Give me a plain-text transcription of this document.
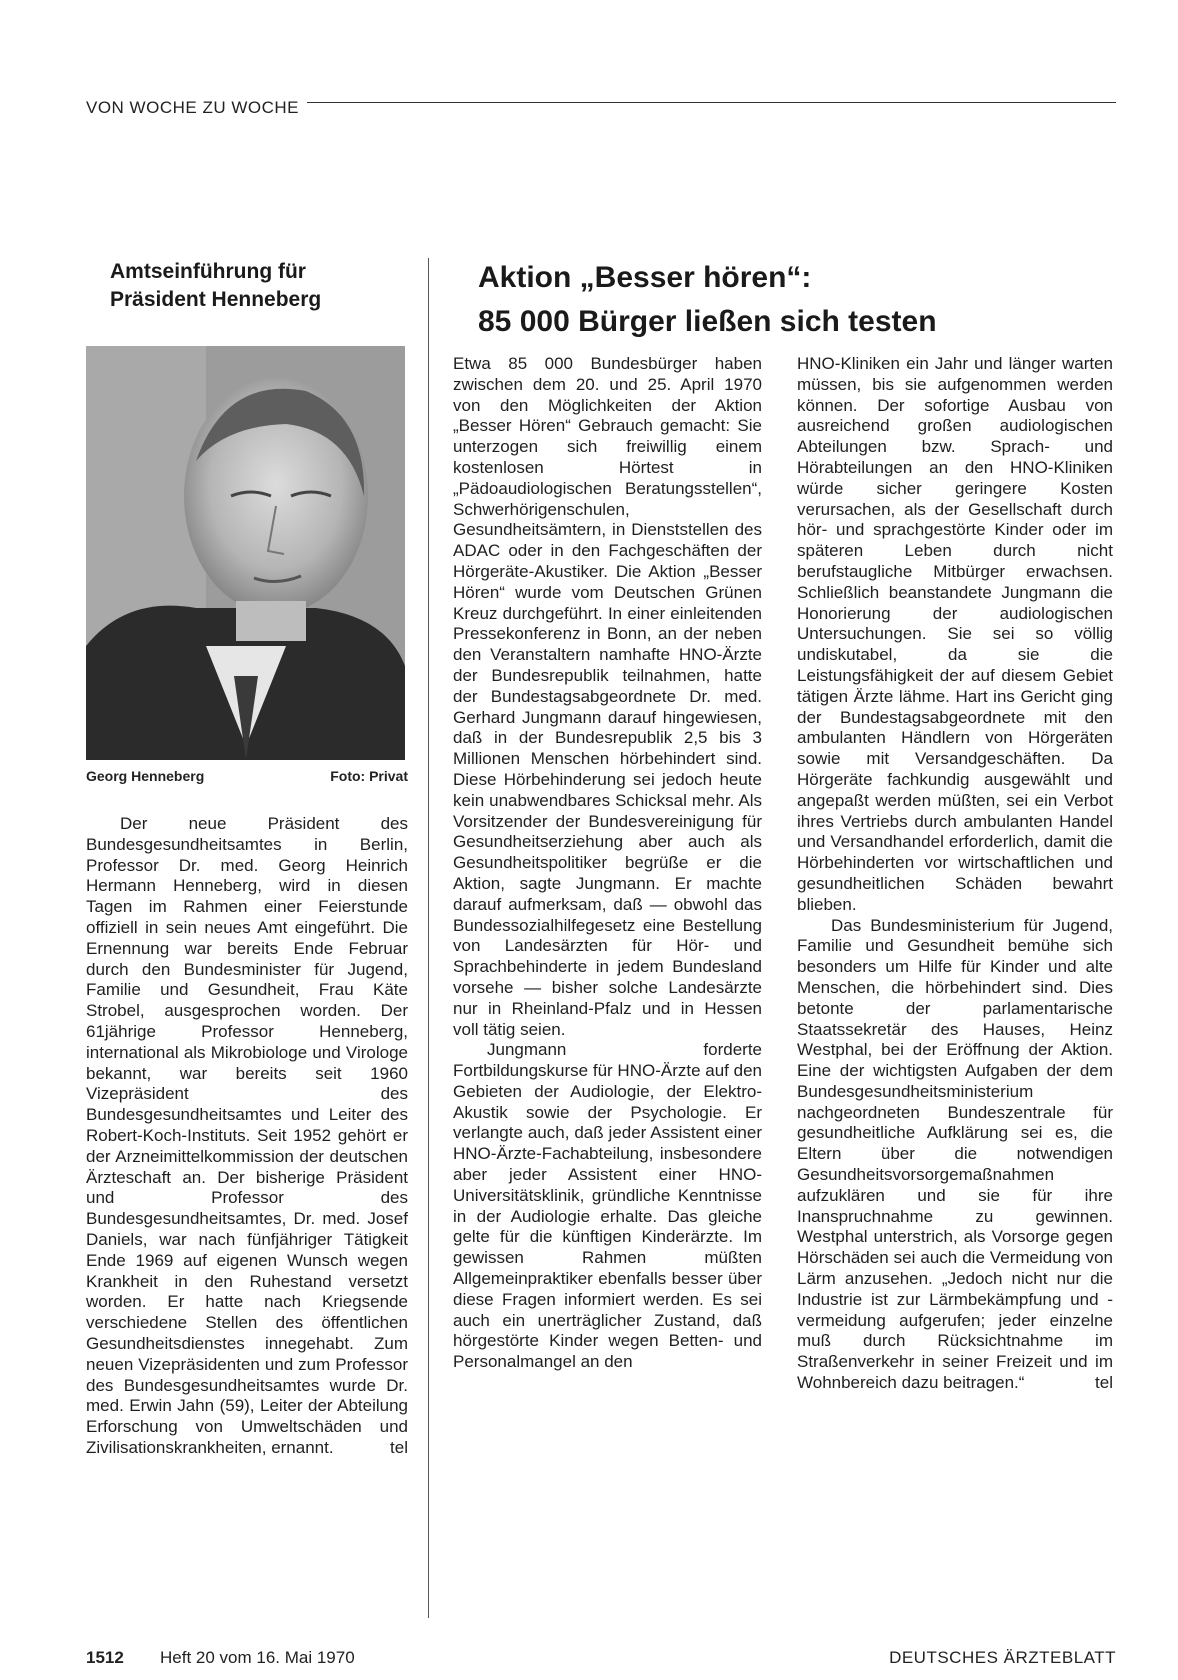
VON WOCHE ZU WOCHE
Amtseinführung für
Präsident Henneberg
Georg Henneberg	Foto: Privat

Der neue Präsident des Bundesgesundheitsamtes in Berlin, Professor Dr. med. Georg Heinrich Hermann Henneberg, wird in diesen Tagen im Rahmen einer Feierstunde offiziell in sein neues Amt eingeführt. Die Ernennung war bereits Ende Februar durch den Bundesminister für Jugend, Familie und Gesundheit, Frau Käte Strobel, ausgesprochen worden. Der 61jährige Professor Henneberg, international als Mikrobiologe und Virologe bekannt, war bereits seit 1960 Vizepräsident des Bundesgesundheitsamtes und Leiter des Robert-Koch-Instituts. Seit 1952 gehört er der Arzneimittelkommission der deutschen Ärzteschaft an. Der bisherige Präsident und Professor des Bundesgesundheitsamtes, Dr. med. Josef Daniels, war nach fünfjähriger Tätigkeit Ende 1969 auf eigenen Wunsch wegen Krankheit in den Ruhestand versetzt worden. Er hatte nach Kriegsende verschiedene Stellen des öffentlichen Gesundheitsdienstes innegehabt. Zum neuen Vizepräsidenten und zum Professor des Bundesgesundheitsamtes wurde Dr. med. Erwin Jahn (59), Leiter der Abteilung Erforschung von Umweltschäden und Zivilisationskrankheiten, ernannt.	tel

Aktion „Besser hören“:
85 000 Bürger ließen sich testen

Etwa 85 000 Bundesbürger haben zwischen dem 20. und 25. April 1970 von den Möglichkeiten der Aktion „Besser Hören“ Gebrauch gemacht: Sie unterzogen sich freiwillig einem kostenlosen Hörtest in „Pädoaudiologischen Beratungsstellen“, Schwerhörigenschulen, Gesundheitsämtern, in Dienststellen des ADAC oder in den Fachgeschäften der Hörgeräte-Akustiker. Die Aktion „Besser Hören“ wurde vom Deutschen Grünen Kreuz durchgeführt. In einer einleitenden Pressekonferenz in Bonn, an der neben den Veranstaltern namhafte HNO-Ärzte der Bundesrepublik teilnahmen, hatte der Bundestagsabgeordnete Dr. med. Gerhard Jungmann darauf hingewiesen, daß in der Bundesrepublik 2,5 bis 3 Millionen Menschen hörbehindert sind. Diese Hörbehinderung sei jedoch heute kein unabwendbares Schicksal mehr. Als Vorsitzender der Bundesvereinigung für Gesundheitserziehung aber auch als Gesundheitspolitiker begrüße er die Aktion, sagte Jungmann. Er machte darauf aufmerksam, daß — obwohl das Bundessozialhilfegesetz eine Bestellung von Landesärzten für Hör- und Sprachbehinderte in jedem Bundesland vorsehe — bisher solche Landesärzte nur in Rheinland-Pfalz und in Hessen voll tätig seien.

Jungmann forderte Fortbildungskurse für HNO-Ärzte auf den Gebieten der Audiologie, der Elektro-Akustik sowie der Psychologie. Er verlangte auch, daß jeder Assistent einer HNO-Ärzte-Fachabteilung, insbesondere aber jeder Assistent einer HNO-Universitätsklinik, gründliche Kenntnisse in der Audiologie erhalte. Das gleiche gelte für die künftigen Kinderärzte. Im gewissen Rahmen müßten Allgemeinpraktiker ebenfalls besser über diese Fragen informiert werden. Es sei auch ein unerträglicher Zustand, daß hörgestörte Kinder wegen Betten- und Personalmangel an den

HNO-Kliniken ein Jahr und länger warten müssen, bis sie aufgenommen werden können. Der sofortige Ausbau von ausreichend großen audiologischen Abteilungen bzw. Sprach- und Hörabteilungen an den HNO-Kliniken würde sicher geringere Kosten verursachen, als der Gesellschaft durch hör- und sprachgestörte Kinder oder im späteren Leben durch nicht berufstaugliche Mitbürger erwachsen. Schließlich beanstandete Jungmann die Honorierung der audiologischen Untersuchungen. Sie sei so völlig undiskutabel, da sie die Leistungsfähigkeit der auf diesem Gebiet tätigen Ärzte lähme. Hart ins Gericht ging der Bundestagsabgeordnete mit den ambulanten Händlern von Hörgeräten sowie mit Versandgeschäften. Da Hörgeräte fachkundig ausgewählt und angepaßt werden müßten, sei ein Verbot ihres Vertriebs durch ambulanten Handel und Versandhandel erforderlich, damit die Hörbehinderten vor wirtschaftlichen und gesundheitlichen Schäden bewahrt blieben.

Das Bundesministerium für Jugend, Familie und Gesundheit bemühe sich besonders um Hilfe für Kinder und alte Menschen, die hörbehindert sind. Dies betonte der parlamentarische Staatssekretär des Hauses, Heinz Westphal, bei der Eröffnung der Aktion. Eine der wichtigsten Aufgaben der dem Bundesgesundheitsministerium nachgeordneten Bundeszentrale für gesundheitliche Aufklärung sei es, die Eltern über die notwendigen Gesundheitsvorsorgemaßnahmen aufzuklären und sie für ihre Inanspruchnahme zu gewinnen. Westphal unterstrich, als Vorsorge gegen Hörschäden sei auch die Vermeidung von Lärm anzusehen. „Jedoch nicht nur die Industrie ist zur Lärmbekämpfung und -vermeidung aufgerufen; jeder einzelne muß durch Rücksichtnahme im Straßenverkehr in seiner Freizeit und im Wohnbereich dazu beitragen.“	tel

1512 Heft 20 vom 16. Mai 1970	DEUTSCHES ÄRZTEBLATT
